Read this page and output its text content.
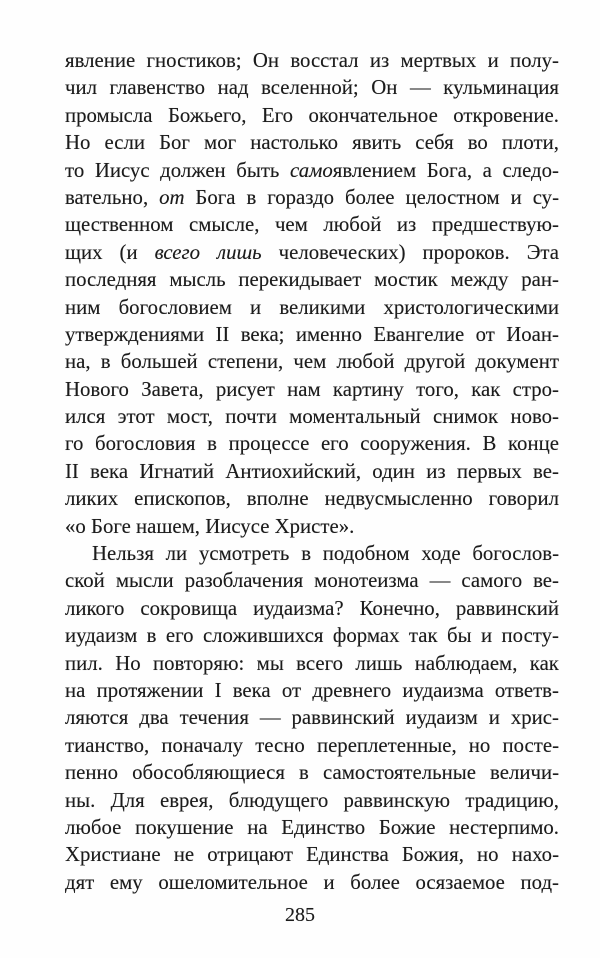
явление гностиков; Он восстал из мертвых и полу-
чил главенство над вселенной; Он — кульминация
промысла Божьего, Его окончательное откровение.
Но если Бог мог настолько явить себя во плоти,
то Иисус должен быть самоявлением Бога, а следо-
вательно, от Бога в гораздо более целостном и су-
щественном смысле, чем любой из предшествую-
щих (и всего лишь человеческих) пророков. Эта
последняя мысль перекидывает мостик между ран-
ним богословием и великими христологическими
утверждениями II века; именно Евангелие от Иоан-
на, в большей степени, чем любой другой документ
Нового Завета, рисует нам картину того, как стро-
ился этот мост, почти моментальный снимок ново-
го богословия в процессе его сооружения. В конце
II века Игнатий Антиохийский, один из первых ве-
ликих епископов, вполне недвусмысленно говорил
«о Боге нашем, Иисусе Христе».
Нельзя ли усмотреть в подобном ходе богослов-
ской мысли разоблачения монотеизма — самого ве-
ликого сокровища иудаизма? Конечно, раввинский
иудаизм в его сложившихся формах так бы и посту-
пил. Но повторяю: мы всего лишь наблюдаем, как
на протяжении I века от древнего иудаизма ответв-
ляются два течения — раввинский иудаизм и хрис-
тианство, поначалу тесно переплетенные, но посте-
пенно обособляющиеся в самостоятельные величи-
ны. Для еврея, блюдущего раввинскую традицию,
любое покушение на Единство Божие нестерпимо.
Христиане не отрицают Единства Божия, но нахо-
дят ему ошеломительное и более осязаемое под-
285
